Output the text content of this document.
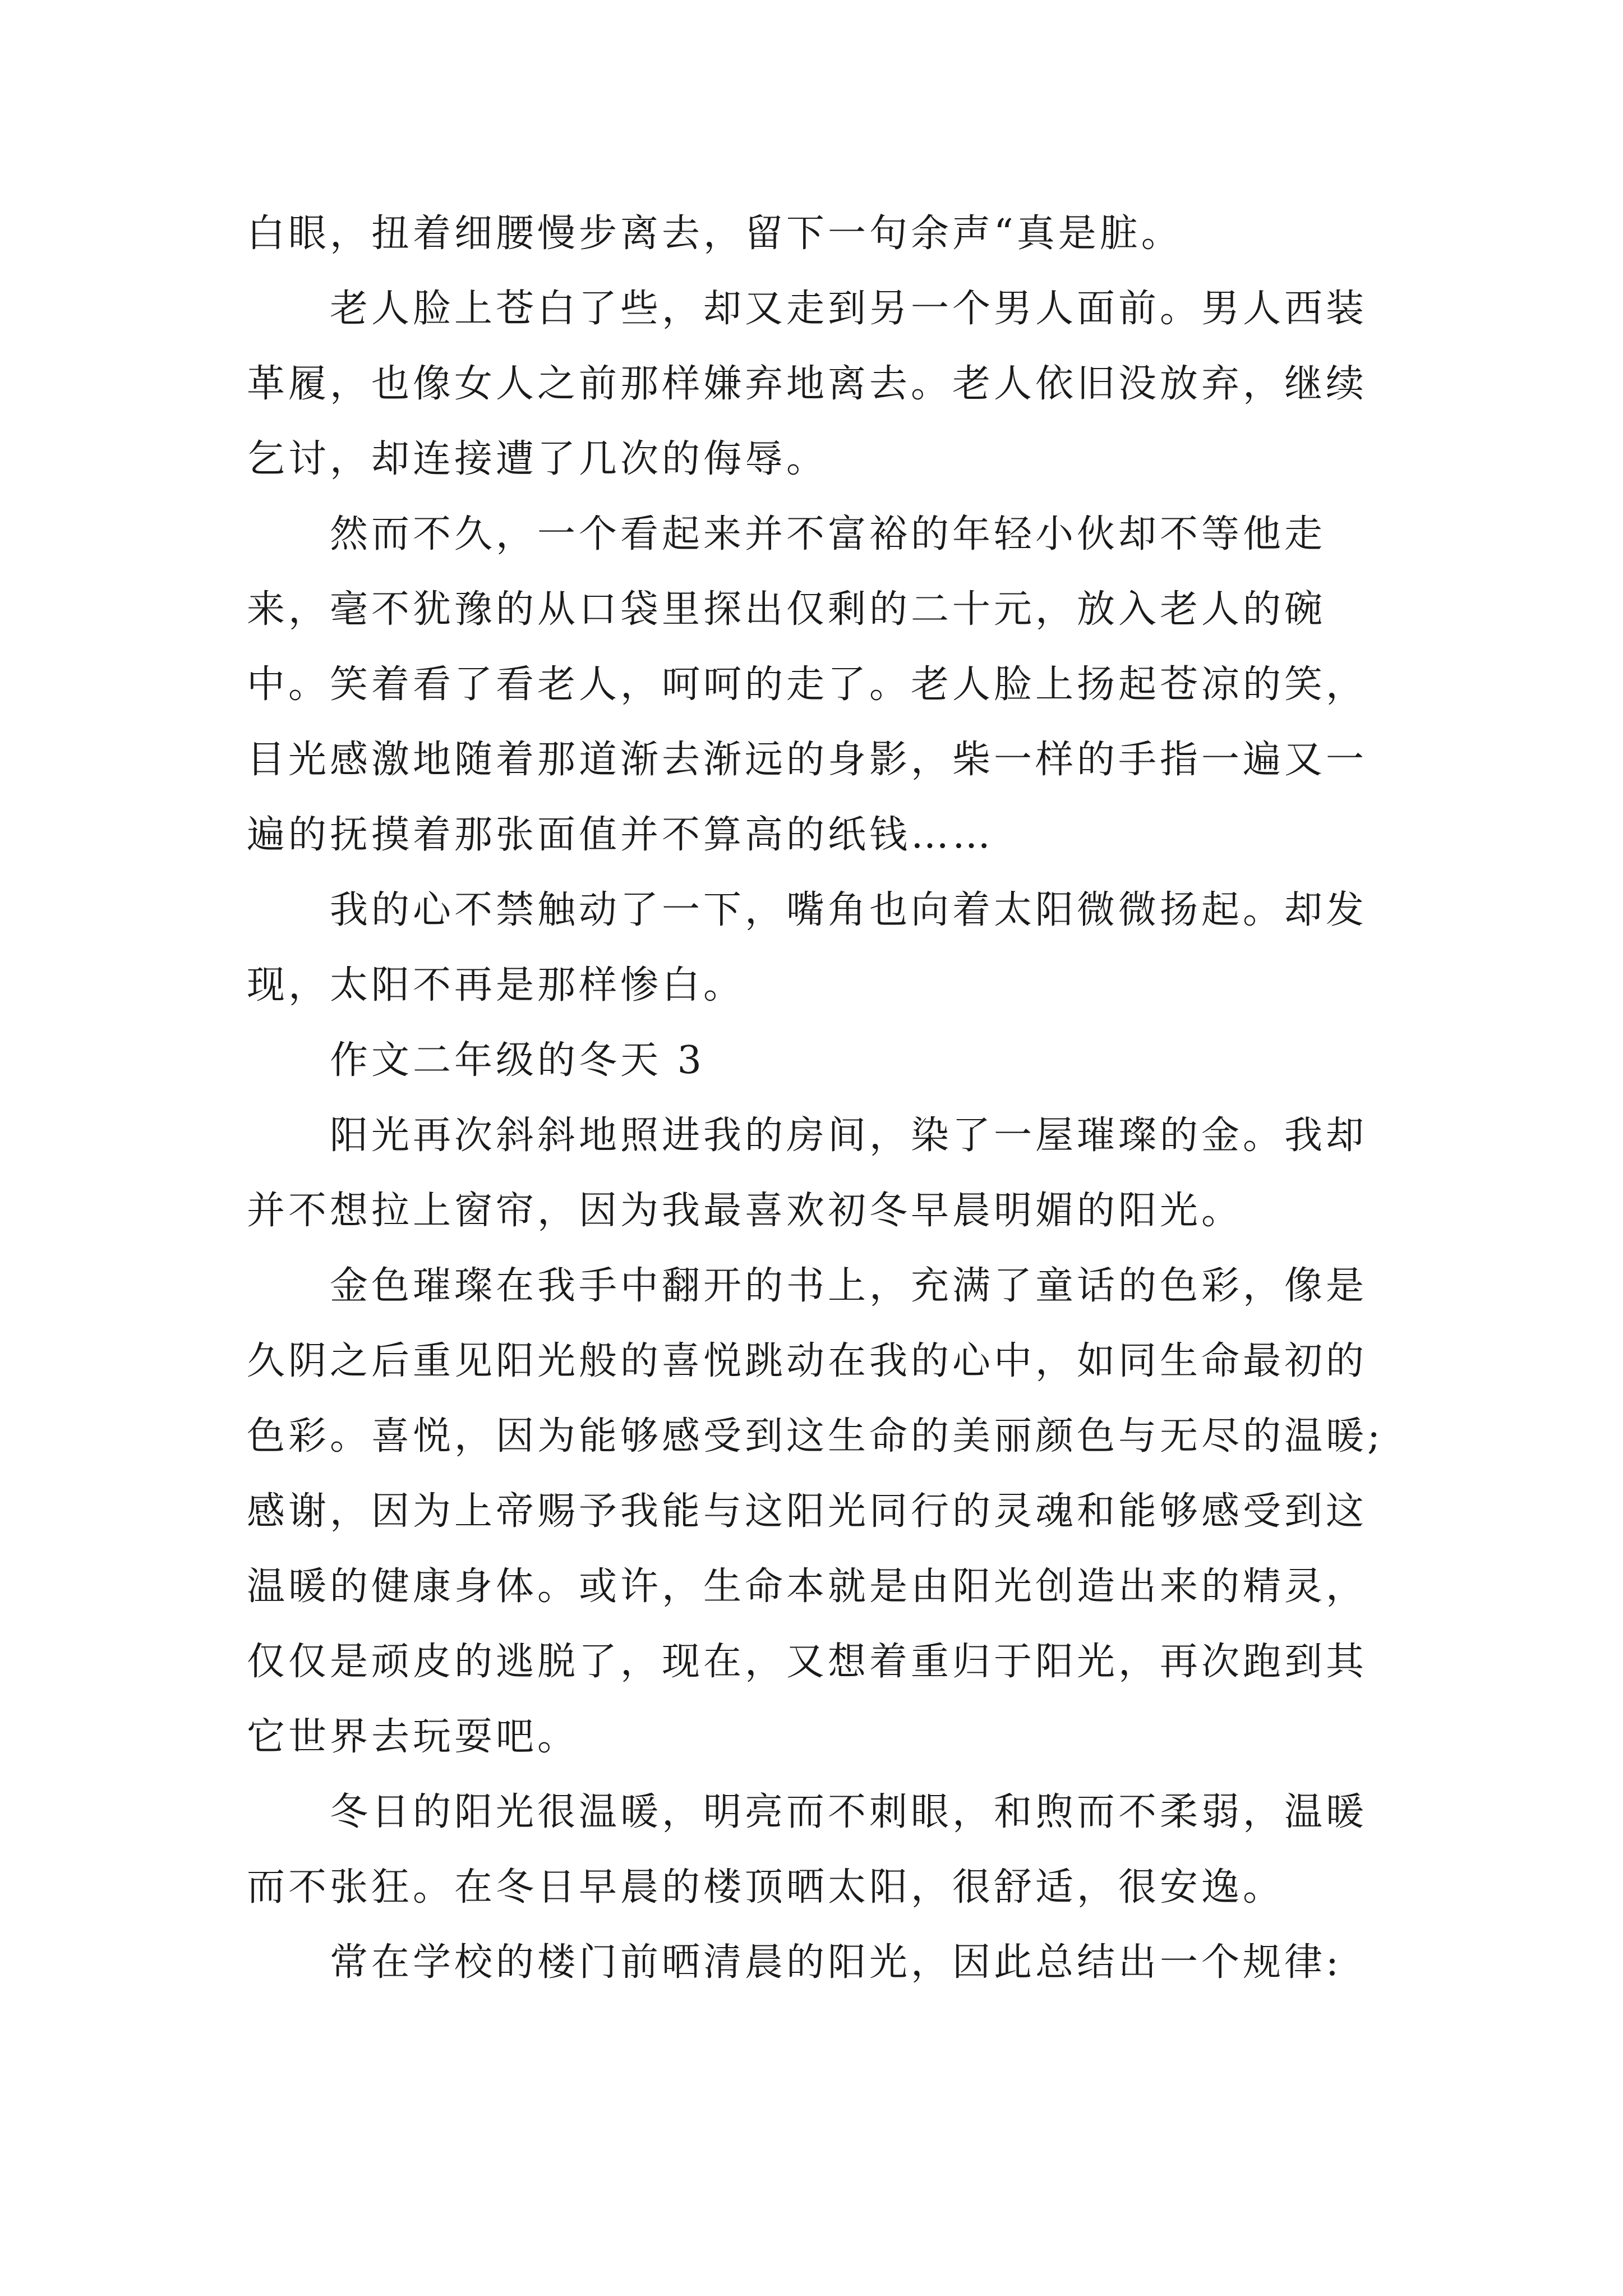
白眼，扭着细腰慢步离去，留下一句余声“真是脏。

　　老人脸上苍白了些，却又走到另一个男人面前。男人西装革履，也像女人之前那样嫌弃地离去。老人依旧没放弃，继续乞讨，却连接遭了几次的侮辱。

　　然而不久，一个看起来并不富裕的年轻小伙却不等他走来，毫不犹豫的从口袋里探出仅剩的二十元，放入老人的碗中。笑着看了看老人，呵呵的走了。老人脸上扬起苍凉的笑，目光感激地随着那道渐去渐远的身影，柴一样的手指一遍又一遍的抚摸着那张面值并不算高的纸钱……

　　我的心不禁触动了一下，嘴角也向着太阳微微扬起。却发现，太阳不再是那样惨白。

　　作文二年级的冬天 3

　　阳光再次斜斜地照进我的房间，染了一屋璀璨的金。我却并不想拉上窗帘，因为我最喜欢初冬早晨明媚的阳光。

　　金色璀璨在我手中翻开的书上，充满了童话的色彩，像是久阴之后重见阳光般的喜悦跳动在我的心中，如同生命最初的色彩。喜悦，因为能够感受到这生命的美丽颜色与无尽的温暖;感谢，因为上帝赐予我能与这阳光同行的灵魂和能够感受到这温暖的健康身体。或许，生命本就是由阳光创造出来的精灵，仅仅是顽皮的逃脱了，现在，又想着重归于阳光，再次跑到其它世界去玩耍吧。

　　冬日的阳光很温暖，明亮而不刺眼，和煦而不柔弱，温暖而不张狂。在冬日早晨的楼顶晒太阳，很舒适，很安逸。

　　常在学校的楼门前晒清晨的阳光，因此总结出一个规律:
